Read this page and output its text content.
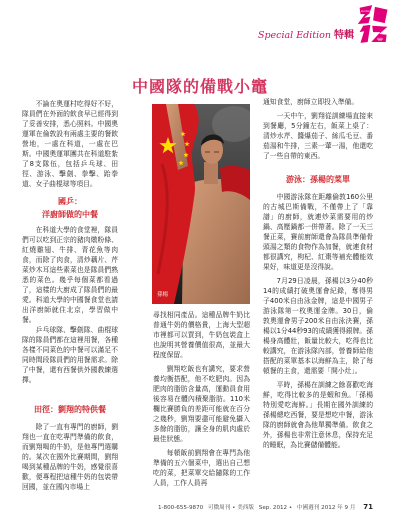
Special Edition 特輯
london
中國隊的備戰小竈

不論在奧運村吃得好不好，隊員們在外面的飲食早已經得到了妥善安排，悉心照料。中國奧運軍在倫敦設有兩處主要的餐飲營地，一處在科道，一處在巴斯。中國奧運軍團共在科道駐紮了8支隊伍，包括乒乓球、田徑、游泳、擊劍、拳擊、跆拳道、女子曲棍球等項目。

國乒：
洋廚師做的中餐

在科道大學的食堂裡，隊員們可以吃到正宗的豬肉燉粉條、紅燒雞翅、牛排、青花魚等肉食，而除了肉食，清炒藕片、芹菜炒木耳這些素菜也是隊員們熟悉的菜色。幾乎每個菜都看過了，這樣的大廚成了隊員們的最愛。科道大學的中國餐食堂也請出洋廚師就住北京，學習做中餐。

乒乓球隊、擊劍隊、曲棍球隊的隊員們都在這裡用餐，各種各樣不同菜色的中餐可以滿足不同時間段隊員們的用餐需求。除了中餐，還有西餐供外國教練選擇。

田徑：劉翔的特供餐

除了一直有專門的廚師，劉翔也一直在吃專門準備的飲食，而劉翔喝的牛奶，是他專門選購的。某次在國外比賽期間，劉翔喝到某種品牌的牛奶，感覺很喜歡，便專程把這種牛奶的包裝帶回國，並在國內市場上

孫楊

尋找相同產品。這種品牌牛奶比普通牛奶的價格貴，上海大型超市裡都可以買到，牛奶包裝盒上也說明其營養價值很高，並最大程度保留。

劉翔吃飯也有講究，要求營養均衡搭配，他不吃肥肉。因為肥肉的脂肪含量高，運動員食用後容易在體內積聚脂肪。110米欄比賽勝負的差距可能就在百分之幾秒，劉翔要盡可能避免攝入多餘的脂肪，讓全身的肌肉處於最佳狀態。

每頓飯前劉翔會在專門為他準備的五六個菜中，選出自己想吃的菜，把菜單交給隨隊的工作人員，工作人員再

通知食堂，廚師立即投入準備。

一天中午，劉翔從訓練場直接來到餐廳，5分鐘左右，飯菜上桌了：清炒水芹、醬爆茄子、絲瓜毛豆、番茄湯和牛排，三素一葷一湯，他還吃了一些自帶的東西。

游泳：孫楊的菜單

中國游泳隊在距離倫敦160公里的古城巴斯備戰，不僅帶上了「靠譜」的廚師，就連炒菜需要用的炒鍋、高壓鍋都一併帶著。除了一天三餐正菜，賽前廚師還會為隊員準備骨頭湯之類的食物作為加餐，就連食材都很講究，枸杞、紅棗等補充體能效果好，味道更是沒得說。

7月29日凌晨，孫楊以3分40秒14的成績打破奧運會紀錄，奪得男子400米自由泳金牌，這是中國男子游泳隊第一枚奧運金牌。30日，倫敦奧運會男子200米自由泳決賽，孫楊以1分44秒93的成績獲得銀牌。孫楊身高體壯，飯量比較大，吃得也比較講究，在游泳隊內部，營養師給他搭配的菜單基本以海鮮為主，除了每頓餐的主食，還需要「開小灶」。

平時，孫楊在訓練之餘喜歡吃海鮮，吃得比較多的是蝦和魚。「孫楊特別愛吃海鮮。」長期在國外訓練的孫楊總吃西餐，要是想吃中餐，游泳隊的廚師就會為他單獨準備。飲食之外，孫楊也非常注意休息，保持充足的睡眠，為比賽儲備體能。

1-800-655-9870 可微周刊 • 美西版 Sep. 2012 • 中國週刊 2012 年 9 月 71
